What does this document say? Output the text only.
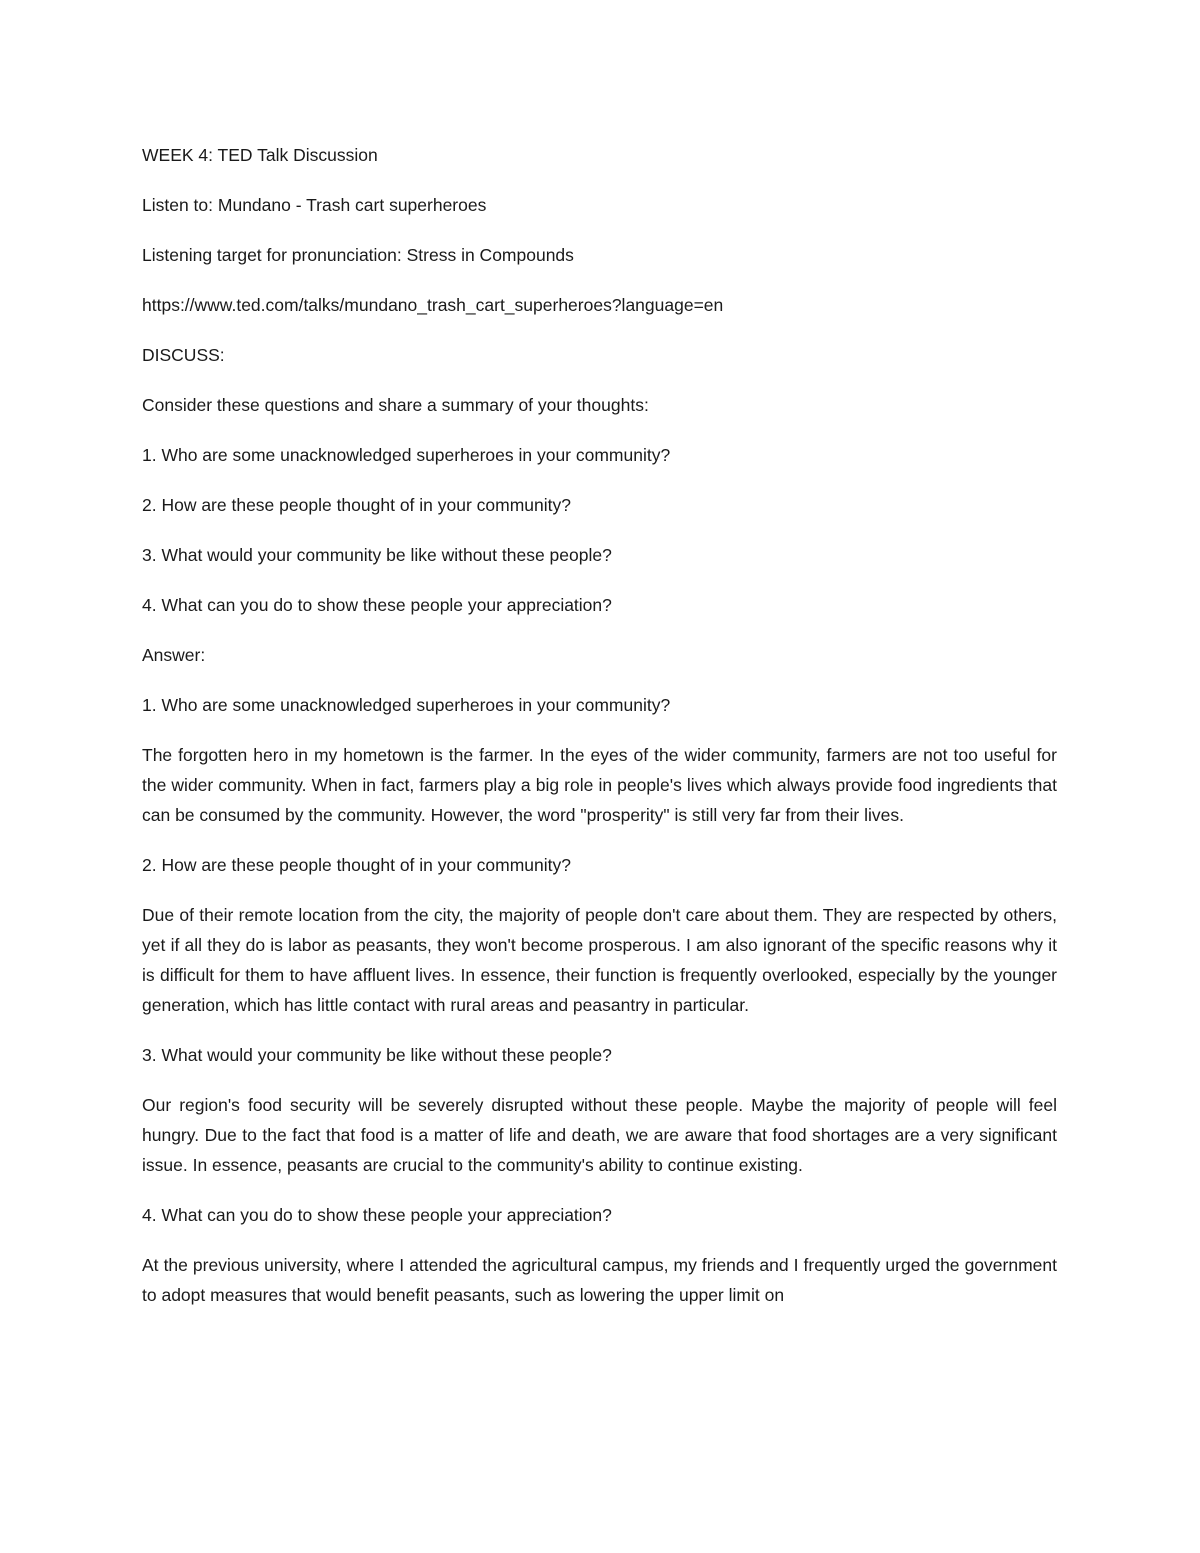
WEEK 4: TED Talk Discussion

Listen to: Mundano - Trash cart superheroes

Listening target for pronunciation: Stress in Compounds

https://www.ted.com/talks/mundano_trash_cart_superheroes?language=en

DISCUSS:

Consider these questions and share a summary of your thoughts:

1. Who are some unacknowledged superheroes in your community?

2. How are these people thought of in your community?

3. What would your community be like without these people?

4. What can you do to show these people your appreciation?

Answer:

1. Who are some unacknowledged superheroes in your community?

The forgotten hero in my hometown is the farmer. In the eyes of the wider community, farmers are not too useful for the wider community. When in fact, farmers play a big role in people's lives which always provide food ingredients that can be consumed by the community. However, the word "prosperity" is still very far from their lives.

2. How are these people thought of in your community?

Due of their remote location from the city, the majority of people don't care about them. They are respected by others, yet if all they do is labor as peasants, they won't become prosperous. I am also ignorant of the specific reasons why it is difficult for them to have affluent lives. In essence, their function is frequently overlooked, especially by the younger generation, which has little contact with rural areas and peasantry in particular.

3. What would your community be like without these people?

Our region's food security will be severely disrupted without these people. Maybe the majority of people will feel hungry. Due to the fact that food is a matter of life and death, we are aware that food shortages are a very significant issue. In essence, peasants are crucial to the community's ability to continue existing.

4. What can you do to show these people your appreciation?

At the previous university, where I attended the agricultural campus, my friends and I frequently urged the government to adopt measures that would benefit peasants, such as lowering the upper limit on
